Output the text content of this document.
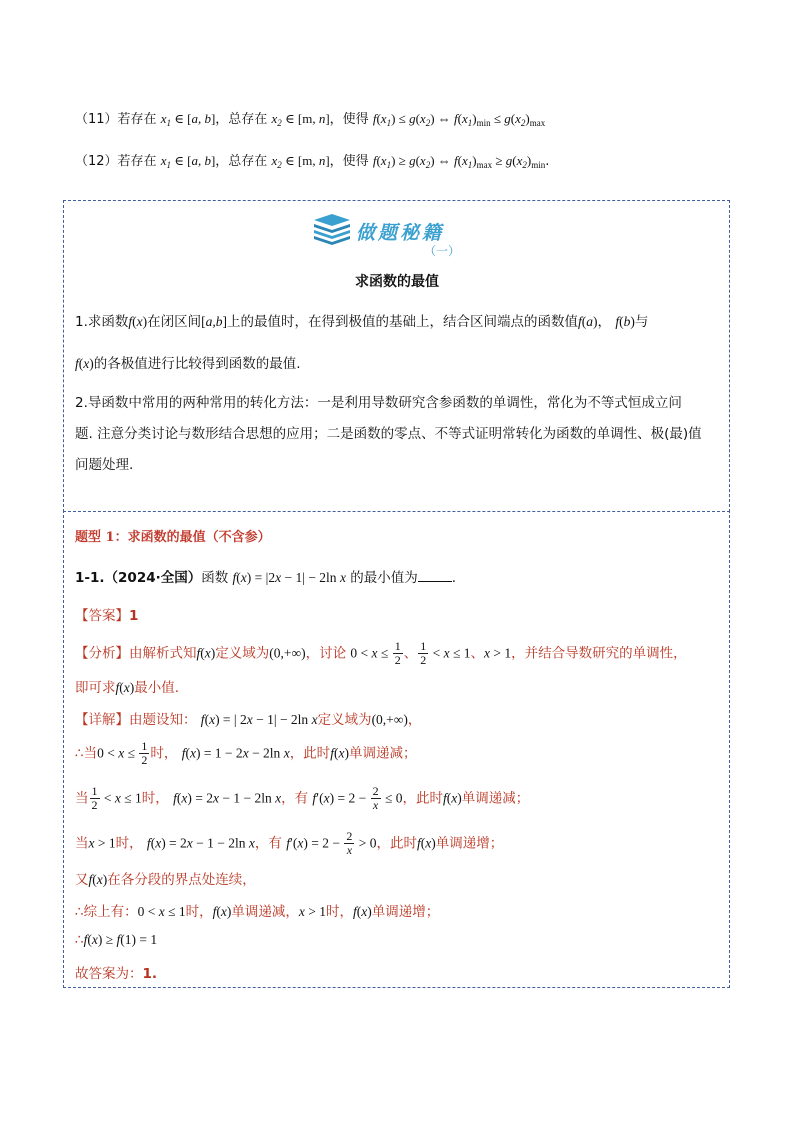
（11）若存在 $x_1$ ∈ [a, b]，总存在 $x_2$ ∈ [m, n]，使得 $f(x_1) \le g(x_2)$ ⇔ $f(x_1)_{min} \le g(x_2)_{max}$
（12）若存在 $x_1$ ∈ [a, b]，总存在 $x_2$ ∈ [m, n]，使得 $f(x_1) \ge g(x_2)$ ⇔ $f(x_1)_{max} \ge g(x_2)_{min}$.
做题秘籍
（一）
求函数的最值
1.求函数f(x)在闭区间[a,b]上的最值时，在得到极值的基础上，结合区间端点的函数值f(a)， f(b)与
f(x)的各极值进行比较得到函数的最值.
2.导函数中常用的两种常用的转化方法：一是利用导数研究含参函数的单调性，常化为不等式恒成立问
题. 注意分类讨论与数形结合思想的应用；二是函数的零点、不等式证明常转化为函数的单调性、极(最)值
问题处理.
题型 1：求函数的最值（不含参）
1-1.（2024·全国）函数 f(x) = |2x − 1| − 2ln x 的最小值为	.
【答案】1
【分析】由解析式知f(x)定义域为(0,+∞)，讨论 $0 < x \le \frac{1}{2}$ 、 $\frac{1}{2} < x \le 1$、x > 1，并结合导数研究的单调性，
即可求f(x)最小值.
【详解】由题设知： f(x) = | 2x − 1| − 2ln x定义域为(0,+∞)，
∴当$0 < x \le \frac{1}{2}$ 时， f(x) = 1 − 2x − 2ln x，此时f(x)单调递减；
当 $\frac{1}{2} < x \le 1$时， f(x) = 2x − 1 − 2ln x，有 $f'(x) = 2 - \frac{2}{x} \le 0$，此时f(x)单调递减；
当x > 1时， f(x) = 2x − 1 − 2ln x，有 $f'(x) = 2 - \frac{2}{x} > 0$，此时f(x)单调递增；
又f(x)在各分段的界点处连续，
∴综上有：0 < x ≤ 1时，f(x)单调递减，x > 1时，f(x)单调递增；
∴f(x) ≥ f(1) = 1
故答案为：1.
